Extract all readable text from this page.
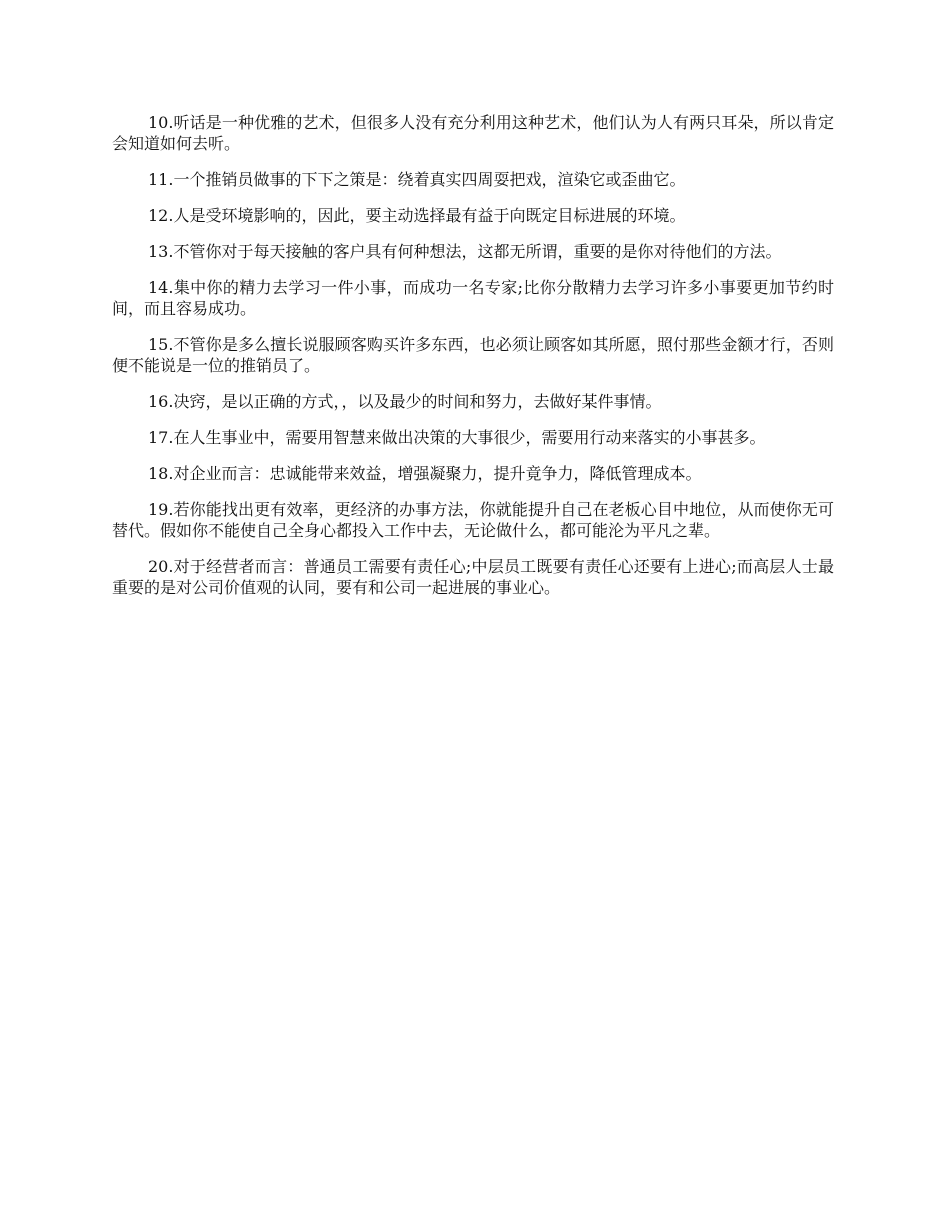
10.听话是一种优雅的艺术，但很多人没有充分利用这种艺术，他们认为人有两只耳朵，所以肯定会知道如何去听。

11.一个推销员做事的下下之策是：绕着真实四周耍把戏，渲染它或歪曲它。

12.人是受环境影响的，因此，要主动选择最有益于向既定目标进展的环境。

13.不管你对于每天接触的客户具有何种想法，这都无所谓，重要的是你对待他们的方法。

14.集中你的精力去学习一件小事，而成功一名专家;比你分散精力去学习许多小事要更加节约时间，而且容易成功。

15.不管你是多么擅长说服顾客购买许多东西，也必须让顾客如其所愿，照付那些金额才行，否则便不能说是一位的推销员了。

16.决窍，是以正确的方式，，以及最少的时间和努力，去做好某件事情。

17.在人生事业中，需要用智慧来做出决策的大事很少，需要用行动来落实的小事甚多。

18.对企业而言：忠诚能带来效益，增强凝聚力，提升竟争力，降低管理成本。

19.若你能找出更有效率，更经济的办事方法，你就能提升自己在老板心目中地位，从而使你无可替代。假如你不能使自己全身心都投入工作中去，无论做什么，都可能沦为平凡之辈。

20.对于经营者而言：普通员工需要有责任心;中层员工既要有责任心还要有上进心;而高层人士最重要的是对公司价值观的认同，要有和公司一起进展的事业心。
